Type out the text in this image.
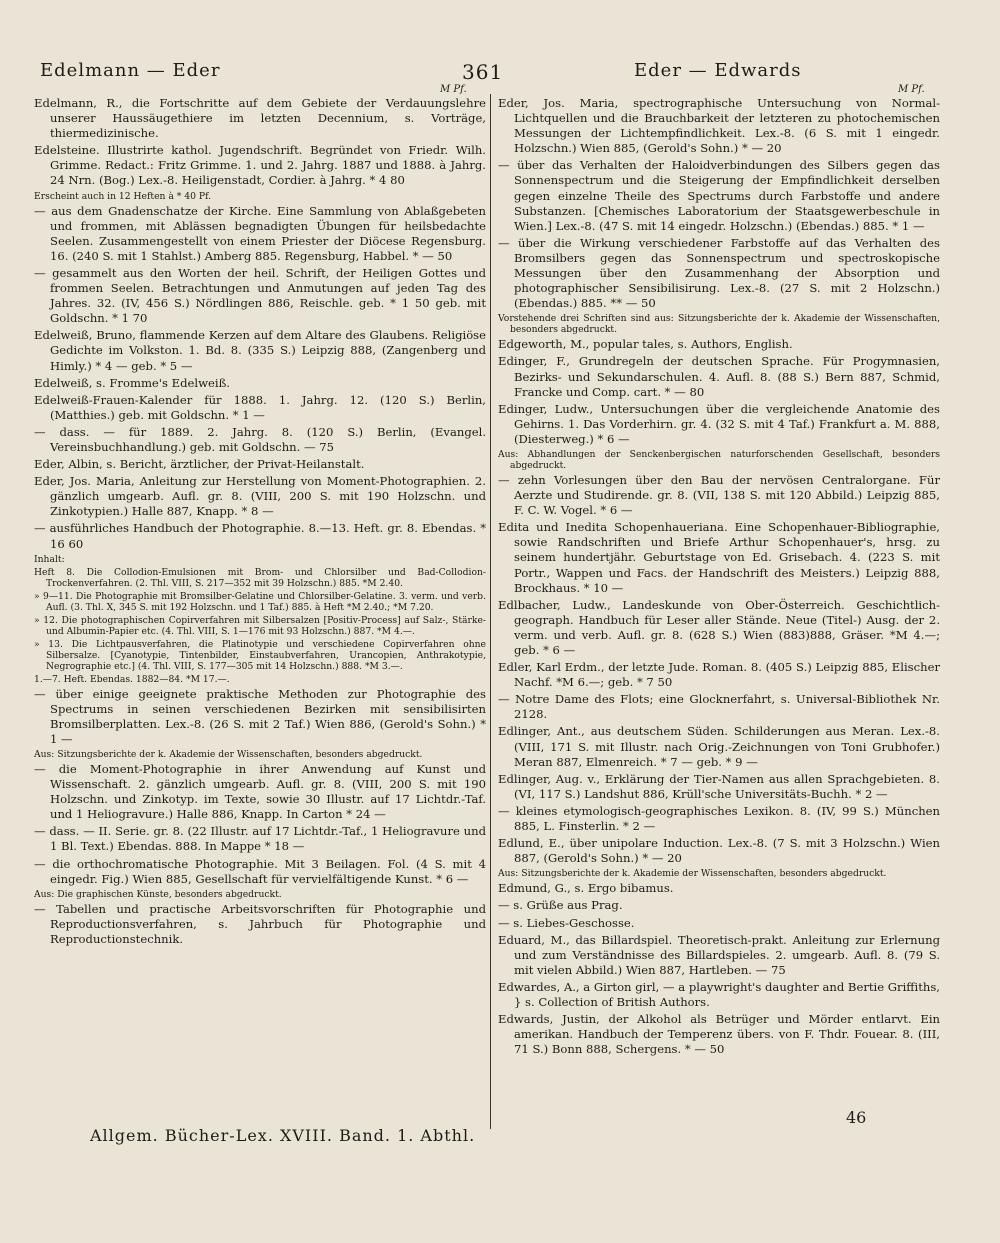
Edelmann — Eder	361	Eder — Edwards
M Pf.	M Pf.
Edelmann, R., die Fortschritte auf dem Gebiete der Verdauungslehre unserer Haussäugethiere im letzten Decennium, s. Vorträge, thiermedizinische.
Edelsteine. Illustrirte kathol. Jugendschrift. Begründet von Friedr. Wilh. Grimme. Redact.: Fritz Grimme. 1. und 2. Jahrg. 1887 und 1888. à Jahrg. 24 Nrn. (Bog.) Lex.-8. Heiligenstadt, Cordier. à Jahrg. * 4 80
Erscheint auch in 12 Heften à * 40 Pf.
— aus dem Gnadenschatze der Kirche. Eine Sammlung von Ablaßgebeten und frommen, mit Ablässen begnadigten Übungen für heilsbedachte Seelen. Zusammengestellt von einem Priester der Diöcese Regensburg. 16. (240 S. mit 1 Stahlst.) Amberg 885. Regensburg, Habbel. * — 50
— gesammelt aus den Worten der heil. Schrift, der Heiligen Gottes und frommen Seelen. Betrachtungen und Anmutungen auf jeden Tag des Jahres. 32. (IV, 456 S.) Nördlingen 886, Reischle. geb. * 1 50 geb. mit Goldschn. * 1 70
Edelweiß, Bruno, flammende Kerzen auf dem Altare des Glaubens. Religiöse Gedichte im Volkston. 1. Bd. 8. (335 S.) Leipzig 888, (Zangenberg und Himly.) * 4 — geb. * 5 —
Edelweiß, s. Fromme's Edelweiß.
Edelweiß-Frauen-Kalender für 1888. 1. Jahrg. 12. (120 S.) Berlin, (Matthies.) geb. mit Goldschn. * 1 —
— dass. — für 1889. 2. Jahrg. 8. (120 S.) Berlin, (Evangel. Vereinsbuchhandlung.) geb. mit Goldschn. — 75
Eder, Albin, s. Bericht, ärztlicher, der Privat-Heilanstalt.
Eder, Jos. Maria, Anleitung zur Herstellung von Moment-Photographien. 2. gänzlich umgearb. Aufl. gr. 8. (VIII, 200 S. mit 190 Holzschn. und Zinkotypien.) Halle 887, Knapp. * 8 —
— ausführliches Handbuch der Photographie. 8.—13. Heft. gr. 8. Ebendas. * 16 60
Inhalt:
Heft 8. Die Collodion-Emulsionen mit Brom- und Chlorsilber und Bad-Collodion-Trockenverfahren. (2. Thl. VIII, S. 217—352 mit 39 Holzschn.) 885. *M 2.40.
» 9—11. Die Photographie mit Bromsilber-Gelatine und Chlorsilber-Gelatine. 3. verm. und verb. Aufl. (3. Thl. X, 345 S. mit 192 Holzschn. und 1 Taf.) 885. à Heft *M 2.40.; *M 7.20.
» 12. Die photographischen Copirverfahren mit Silbersalzen [Positiv-Process] auf Salz-, Stärke- und Albumin-Papier etc. (4. Thl. VIII, S. 1—176 mit 93 Holzschn.) 887. *M 4.—.
» 13. Die Lichtpausverfahren, die Platinotypie und verschiedene Copirverfahren ohne Silbersalze. [Cyanotypie, Tintenbilder, Einstaubverfahren, Urancopien, Anthrakotypie, Negrographie etc.] (4. Thl. VIII, S. 177—305 mit 14 Holzschn.) 888. *M 3.—.
1.—7. Heft. Ebendas. 1882—84. *M 17.—.
— über einige geeignete praktische Methoden zur Photographie des Spectrums in seinen verschiedenen Bezirken mit sensibilisirten Bromsilberplatten. Lex.-8. (26 S. mit 2 Taf.) Wien 886, (Gerold's Sohn.) * 1 —
Aus: Sitzungsberichte der k. Akademie der Wissenschaften, besonders abgedruckt.
— die Moment-Photographie in ihrer Anwendung auf Kunst und Wissenschaft. 2. gänzlich umgearb. Aufl. gr. 8. (VIII, 200 S. mit 190 Holzschn. und Zinkotyp. im Texte, sowie 30 Illustr. auf 17 Lichtdr.-Taf. und 1 Heliogravure.) Halle 886, Knapp. In Carton * 24 —
— dass. — II. Serie. gr. 8. (22 Illustr. auf 17 Lichtdr.-Taf., 1 Heliogravure und 1 Bl. Text.) Ebendas. 888. In Mappe * 18 —
— die orthochromatische Photographie. Mit 3 Beilagen. Fol. (4 S. mit 4 eingedr. Fig.) Wien 885, Gesellschaft für vervielfältigende Kunst. * 6 —
Aus: Die graphischen Künste, besonders abgedruckt.
— Tabellen und practische Arbeitsvorschriften für Photographie und Reproductionsverfahren, s. Jahrbuch für Photographie und Reproductionstechnik.
Eder, Jos. Maria, spectrographische Untersuchung von Normal-Lichtquellen und die Brauchbarkeit der letzteren zu photochemischen Messungen der Lichtempfindlichkeit. Lex.-8. (6 S. mit 1 eingedr. Holzschn.) Wien 885, (Gerold's Sohn.) * — 20
— über das Verhalten der Haloidverbindungen des Silbers gegen das Sonnenspectrum und die Steigerung der Empfindlichkeit derselben gegen einzelne Theile des Spectrums durch Farbstoffe und andere Substanzen. [Chemisches Laboratorium der Staatsgewerbeschule in Wien.] Lex.-8. (47 S. mit 14 eingedr. Holzschn.) (Ebendas.) 885. * 1 —
— über die Wirkung verschiedener Farbstoffe auf das Verhalten des Bromsilbers gegen das Sonnenspectrum und spectroskopische Messungen über den Zusammenhang der Absorption und photographischer Sensibilisirung. Lex.-8. (27 S. mit 2 Holzschn.) (Ebendas.) 885. ** — 50
Vorstehende drei Schriften sind aus: Sitzungsberichte der k. Akademie der Wissenschaften, besonders abgedruckt.
Edgeworth, M., popular tales, s. Authors, English.
Edinger, F., Grundregeln der deutschen Sprache. Für Progymnasien, Bezirks- und Sekundarschulen. 4. Aufl. 8. (88 S.) Bern 887, Schmid, Francke und Comp. cart. * — 80
Edinger, Ludw., Untersuchungen über die vergleichende Anatomie des Gehirns. 1. Das Vorderhirn. gr. 4. (32 S. mit 4 Taf.) Frankfurt a. M. 888, (Diesterweg.) * 6 —
Aus: Abhandlungen der Senckenbergischen naturforschenden Gesellschaft, besonders abgedruckt.
— zehn Vorlesungen über den Bau der nervösen Centralorgane. Für Aerzte und Studirende. gr. 8. (VII, 138 S. mit 120 Abbild.) Leipzig 885, F. C. W. Vogel. * 6 —
Edita und Inedita Schopenhaueriana. Eine Schopenhauer-Bibliographie, sowie Randschriften und Briefe Arthur Schopenhauer's, hrsg. zu seinem hundertjähr. Geburtstage von Ed. Grisebach. 4. (223 S. mit Portr., Wappen und Facs. der Handschrift des Meisters.) Leipzig 888, Brockhaus. * 10 —
Edlbacher, Ludw., Landeskunde von Ober-Österreich. Geschichtlich-geograph. Handbuch für Leser aller Stände. Neue (Titel-) Ausg. der 2. verm. und verb. Aufl. gr. 8. (628 S.) Wien (883)888, Gräser. *M 4.—; geb. * 6 —
Edler, Karl Erdm., der letzte Jude. Roman. 8. (405 S.) Leipzig 885, Elischer Nachf. *M 6.—; geb. * 7 50
— Notre Dame des Flots; eine Glocknerfahrt, s. Universal-Bibliothek Nr. 2128.
Edlinger, Ant., aus deutschem Süden. Schilderungen aus Meran. Lex.-8. (VIII, 171 S. mit Illustr. nach Orig.-Zeichnungen von Toni Grubhofer.) Meran 887, Elmenreich. * 7 — geb. * 9 —
Edlinger, Aug. v., Erklärung der Tier-Namen aus allen Sprachgebieten. 8. (VI, 117 S.) Landshut 886, Krüll'sche Universitäts-Buchh. * 2 —
— kleines etymologisch-geographisches Lexikon. 8. (IV, 99 S.) München 885, L. Finsterlin. * 2 —
Edlund, E., über unipolare Induction. Lex.-8. (7 S. mit 3 Holzschn.) Wien 887, (Gerold's Sohn.) * — 20
Aus: Sitzungsberichte der k. Akademie der Wissenschaften, besonders abgedruckt.
Edmund, G., s. Ergo bibamus.
— s. Grüße aus Prag.
— s. Liebes-Geschosse.
Eduard, M., das Billardspiel. Theoretisch-prakt. Anleitung zur Erlernung und zum Verständnisse des Billardspieles. 2. umgearb. Aufl. 8. (79 S. mit vielen Abbild.) Wien 887, Hartleben. — 75
Edwardes, A., a Girton girl, — a playwright's daughter and Bertie Griffiths, } s. Collection of British Authors.
Edwards, Justin, der Alkohol als Betrüger und Mörder entlarvt. Ein amerikan. Handbuch der Temperenz übers. von F. Thdr. Fouear. 8. (III, 71 S.) Bonn 888, Schergens. * — 50
Allgem. Bücher-Lex. XVIII. Band. 1. Abthl.
46
